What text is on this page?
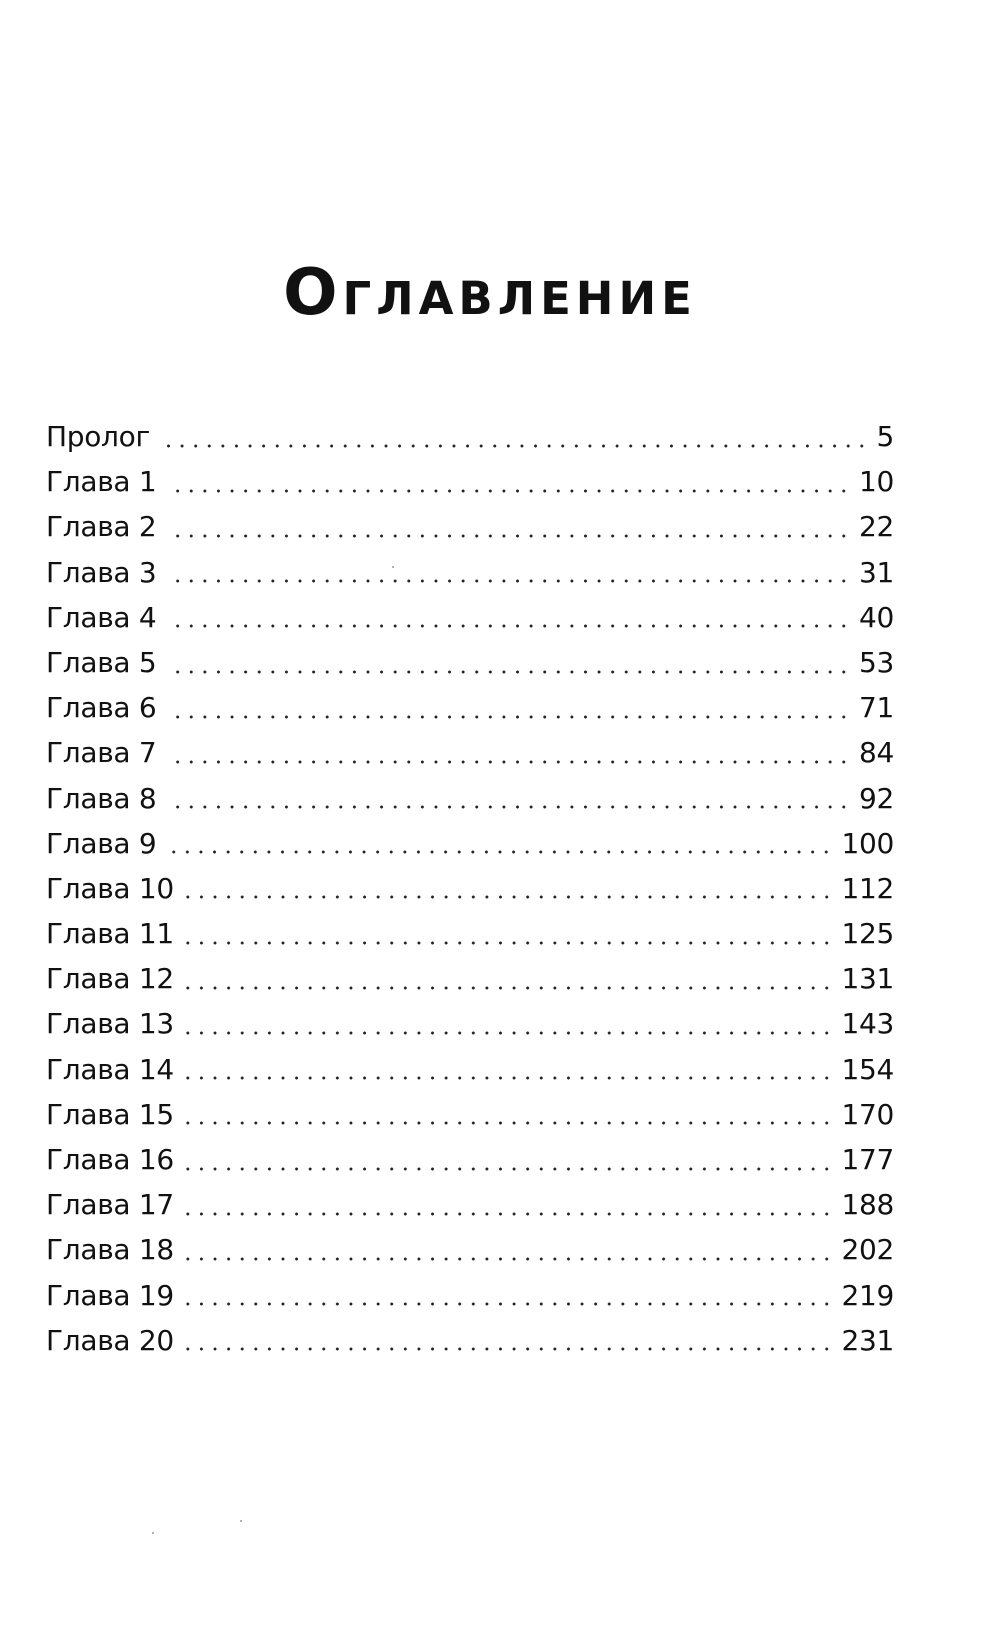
Оглавление
Пролог	5
Глава 1	10
Глава 2	22
Глава 3	31
Глава 4	40
Глава 5	53
Глава 6	71
Глава 7	84
Глава 8	92
Глава 9	100
Глава 10	112
Глава 11	125
Глава 12	131
Глава 13	143
Глава 14	154
Глава 15	170
Глава 16	177
Глава 17	188
Глава 18	202
Глава 19	219
Глава 20	231
